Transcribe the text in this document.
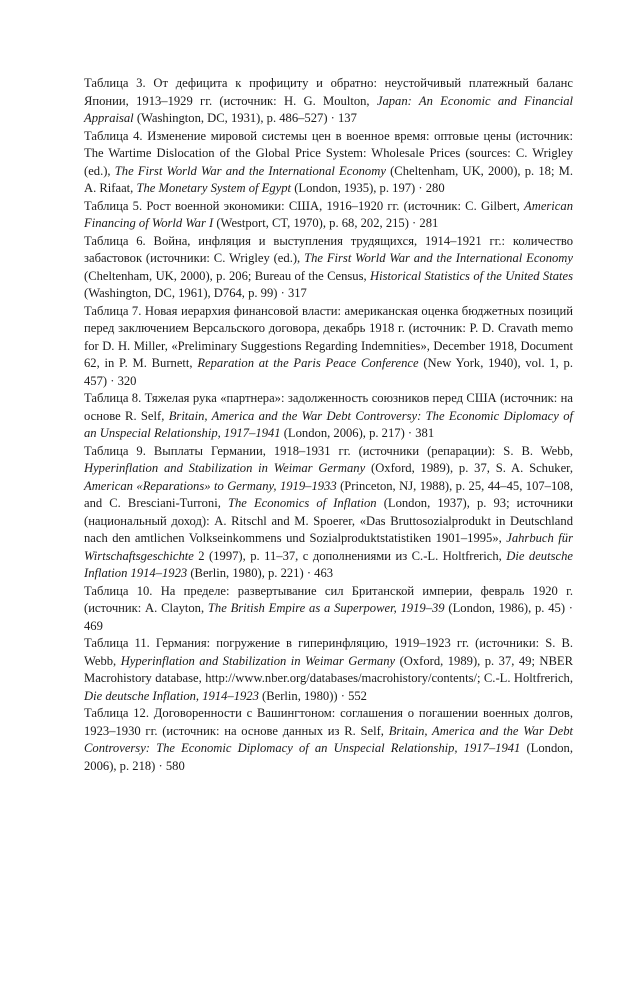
Таблица 3. От дефицита к профициту и обратно: неустойчивый платежный баланс Японии, 1913–1929 гг. (источник: H. G. Moulton, Japan: An Economic and Financial Appraisal (Washington, DC, 1931), p. 486–527) · 137

Таблица 4. Изменение мировой системы цен в военное время: оптовые цены (источник: The Wartime Dislocation of the Global Price System: Wholesale Prices (sources: C. Wrigley (ed.), The First World War and the International Economy (Cheltenham, UK, 2000), p. 18; M. A. Rifaat, The Monetary System of Egypt (London, 1935), p. 197) · 280

Таблица 5. Рост военной экономики: США, 1916–1920 гг. (источник: C. Gilbert, American Financing of World War I (Westport, CT, 1970), p. 68, 202, 215) · 281

Таблица 6. Война, инфляция и выступления трудящихся, 1914–1921 гг.: количество забастовок (источники: C. Wrigley (ed.), The First World War and the International Economy (Cheltenham, UK, 2000), p. 206; Bureau of the Census, Historical Statistics of the United States (Washington, DC, 1961), D764, p. 99) · 317

Таблица 7. Новая иерархия финансовой власти: американская оценка бюджетных позиций перед заключением Версальского договора, декабрь 1918 г. (источник: P. D. Cravath memo for D. H. Miller, «Preliminary Suggestions Regarding Indemnities», December 1918, Document 62, in P. M. Burnett, Reparation at the Paris Peace Conference (New York, 1940), vol. 1, p. 457) · 320

Таблица 8. Тяжелая рука «партнера»: задолженность союзников перед США (источник: на основе R. Self, Britain, America and the War Debt Controversy: The Economic Diplomacy of an Unspecial Relationship, 1917–1941 (London, 2006), p. 217) · 381

Таблица 9. Выплаты Германии, 1918–1931 гг. (источники (репарации): S. B. Webb, Hyperinflation and Stabilization in Weimar Germany (Oxford, 1989), p. 37, S. A. Schuker, American «Reparations» to Germany, 1919–1933 (Princeton, NJ, 1988), p. 25, 44–45, 107–108, and C. Bresciani-Turroni, The Economics of Inflation (London, 1937), p. 93; источники (национальный доход): A. Ritschl and M. Spoerer, «Das Bruttosozialprodukt in Deutschland nach den amtlichen Volkseinkommens und Sozialproduktstatistiken 1901–1995», Jahrbuch für Wirtschaftsgeschichte 2 (1997), p. 11–37, с дополнениями из C.-L. Holtfrerich, Die deutsche Inflation 1914–1923 (Berlin, 1980), p. 221) · 463

Таблица 10. На пределе: развертывание сил Британской империи, февраль 1920 г. (источник: A. Clayton, The British Empire as a Superpower, 1919–39 (London, 1986), p. 45) · 469

Таблица 11. Германия: погружение в гиперинфляцию, 1919–1923 гг. (источники: S. B. Webb, Hyperinflation and Stabilization in Weimar Germany (Oxford, 1989), p. 37, 49; NBER Macrohistory database, http://www.nber.org/databases/macrohistory/contents/; C.-L. Holtfrerich, Die deutsche Inflation, 1914–1923 (Berlin, 1980)) · 552

Таблица 12. Договоренности с Вашингтоном: соглашения о погашении военных долгов, 1923–1930 гг. (источник: на основе данных из R. Self, Britain, America and the War Debt Controversy: The Economic Diplomacy of an Unspecial Relationship, 1917–1941 (London, 2006), p. 218) · 580
